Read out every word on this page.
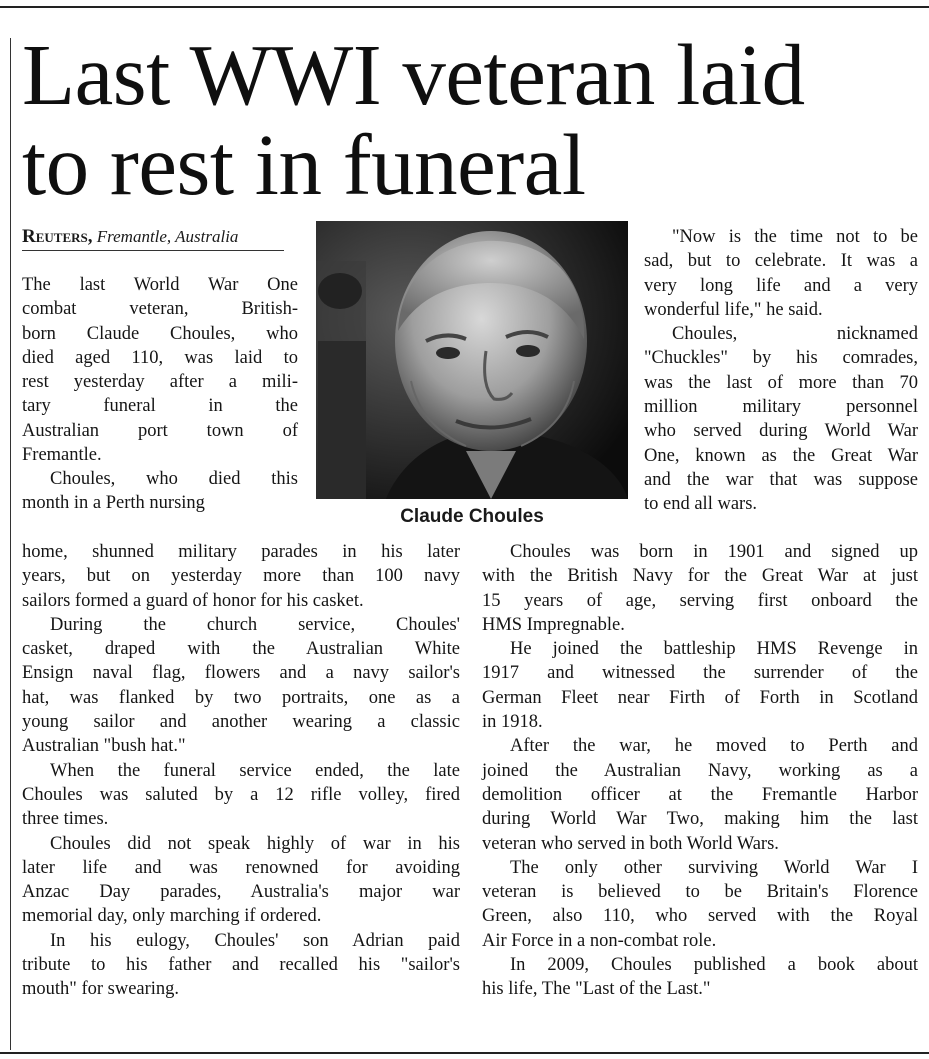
Last WWI veteran laid
to rest in funeral
Reuters, Fremantle, Australia
Claude Choules
The last World War One
combat veteran, British-
born Claude Choules, who
died aged 110, was laid to
rest yesterday after a mili-
tary funeral in the
Australian port town of
Fremantle.
Choules, who died this
month in a Perth nursing
home, shunned military parades in his later
years, but on yesterday more than 100 navy
sailors formed a guard of honor for his casket.
During the church service, Choules'
casket, draped with the Australian White
Ensign naval flag, flowers and a navy sailor's
hat, was flanked by two portraits, one as a
young sailor and another wearing a classic
Australian "bush hat."
When the funeral service ended, the late
Choules was saluted by a 12 rifle volley, fired
three times.
Choules did not speak highly of war in his
later life and was renowned for avoiding
Anzac Day parades, Australia's major war
memorial day, only marching if ordered.
In his eulogy, Choules' son Adrian paid
tribute to his father and recalled his "sailor's
mouth" for swearing.
"Now is the time not to be
sad, but to celebrate. It was a
very long life and a very
wonderful life," he said.
Choules, nicknamed
"Chuckles" by his comrades,
was the last of more than 70
million military personnel
who served during World War
One, known as the Great War
and the war that was suppose
to end all wars.
Choules was born in 1901 and signed up
with the British Navy for the Great War at just
15 years of age, serving first onboard the
HMS Impregnable.
He joined the battleship HMS Revenge in
1917 and witnessed the surrender of the
German Fleet near Firth of Forth in Scotland
in 1918.
After the war, he moved to Perth and
joined the Australian Navy, working as a
demolition officer at the Fremantle Harbor
during World War Two, making him the last
veteran who served in both World Wars.
The only other surviving World War I
veteran is believed to be Britain's Florence
Green, also 110, who served with the Royal
Air Force in a non-combat role.
In 2009, Choules published a book about
his life, The "Last of the Last."
